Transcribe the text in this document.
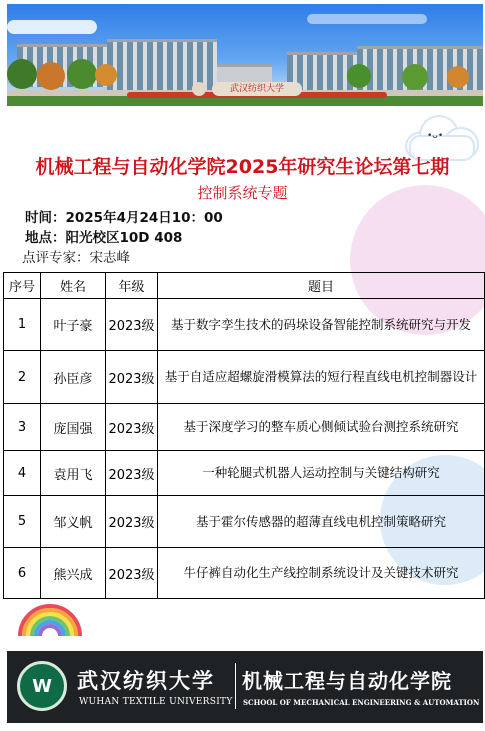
武汉纺织大学
•ᴗ•
机械工程与自动化学院2025年研究生论坛第七期
控制系统专题
时间：2025年4月24日10：00
地点：阳光校区10D 408
点评专家：宋志峰
序号	姓名	年级	题目
1	叶子豪	2023级	基于数字孪生技术的码垛设备智能控制系统研究与开发
2	孙臣彦	2023级	基于自适应超螺旋滑模算法的短行程直线电机控制器设计
3	庞国强	2023级	基于深度学习的整车质心侧倾试验台测控系统研究
4	袁用飞	2023级	一种轮腿式机器人运动控制与关键结构研究
5	邹义帆	2023级	基于霍尔传感器的超薄直线电机控制策略研究
6	熊兴成	2023级	牛仔裤自动化生产线控制系统设计及关键技术研究
W	武汉纺织大学
WUHAN TEXTILE UNIVERSITY
机械工程与自动化学院
SCHOOL OF MECHANICAL ENGINEERING & AUTOMATION
